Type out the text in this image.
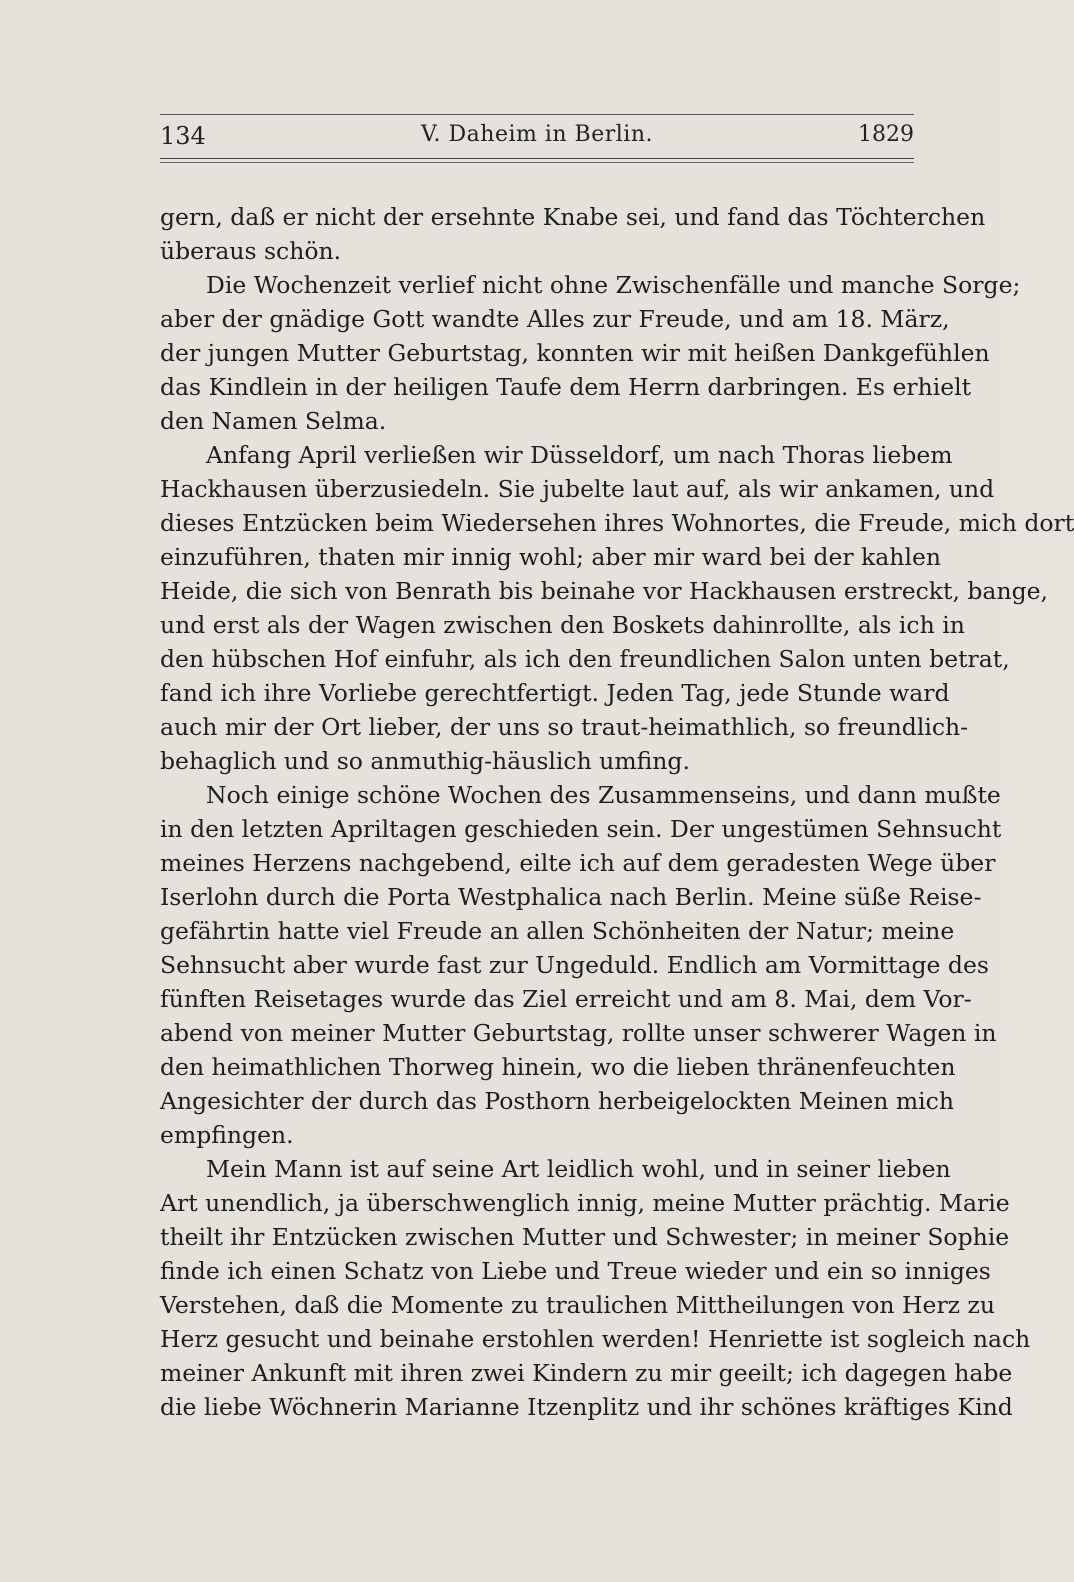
134	V. Daheim in Berlin.	1829
gern, daß er nicht der ersehnte Knabe sei, und fand das Töchterchen
überaus schön.
Die Wochenzeit verlief nicht ohne Zwischenfälle und manche Sorge;
aber der gnädige Gott wandte Alles zur Freude, und am 18. März,
der jungen Mutter Geburtstag, konnten wir mit heißen Dankgefühlen
das Kindlein in der heiligen Taufe dem Herrn darbringen. Es erhielt
den Namen Selma.
Anfang April verließen wir Düsseldorf, um nach Thoras liebem
Hackhausen überzusiedeln. Sie jubelte laut auf, als wir ankamen, und
dieses Entzücken beim Wiedersehen ihres Wohnortes, die Freude, mich dort
einzuführen, thaten mir innig wohl; aber mir ward bei der kahlen
Heide, die sich von Benrath bis beinahe vor Hackhausen erstreckt, bange,
und erst als der Wagen zwischen den Boskets dahinrollte, als ich in
den hübschen Hof einfuhr, als ich den freundlichen Salon unten betrat,
fand ich ihre Vorliebe gerechtfertigt. Jeden Tag, jede Stunde ward
auch mir der Ort lieber, der uns so traut-heimathlich, so freundlich-
behaglich und so anmuthig-häuslich umfing.
Noch einige schöne Wochen des Zusammenseins, und dann mußte
in den letzten Apriltagen geschieden sein. Der ungestümen Sehnsucht
meines Herzens nachgebend, eilte ich auf dem geradesten Wege über
Iserlohn durch die Porta Westphalica nach Berlin. Meine süße Reise-
gefährtin hatte viel Freude an allen Schönheiten der Natur; meine
Sehnsucht aber wurde fast zur Ungeduld. Endlich am Vormittage des
fünften Reisetages wurde das Ziel erreicht und am 8. Mai, dem Vor-
abend von meiner Mutter Geburtstag, rollte unser schwerer Wagen in
den heimathlichen Thorweg hinein, wo die lieben thränenfeuchten
Angesichter der durch das Posthorn herbeigelockten Meinen mich
empfingen.
Mein Mann ist auf seine Art leidlich wohl, und in seiner lieben
Art unendlich, ja überschwenglich innig, meine Mutter prächtig. Marie
theilt ihr Entzücken zwischen Mutter und Schwester; in meiner Sophie
finde ich einen Schatz von Liebe und Treue wieder und ein so inniges
Verstehen, daß die Momente zu traulichen Mittheilungen von Herz zu
Herz gesucht und beinahe erstohlen werden! Henriette ist sogleich nach
meiner Ankunft mit ihren zwei Kindern zu mir geeilt; ich dagegen habe
die liebe Wöchnerin Marianne Itzenplitz und ihr schönes kräftiges Kind
